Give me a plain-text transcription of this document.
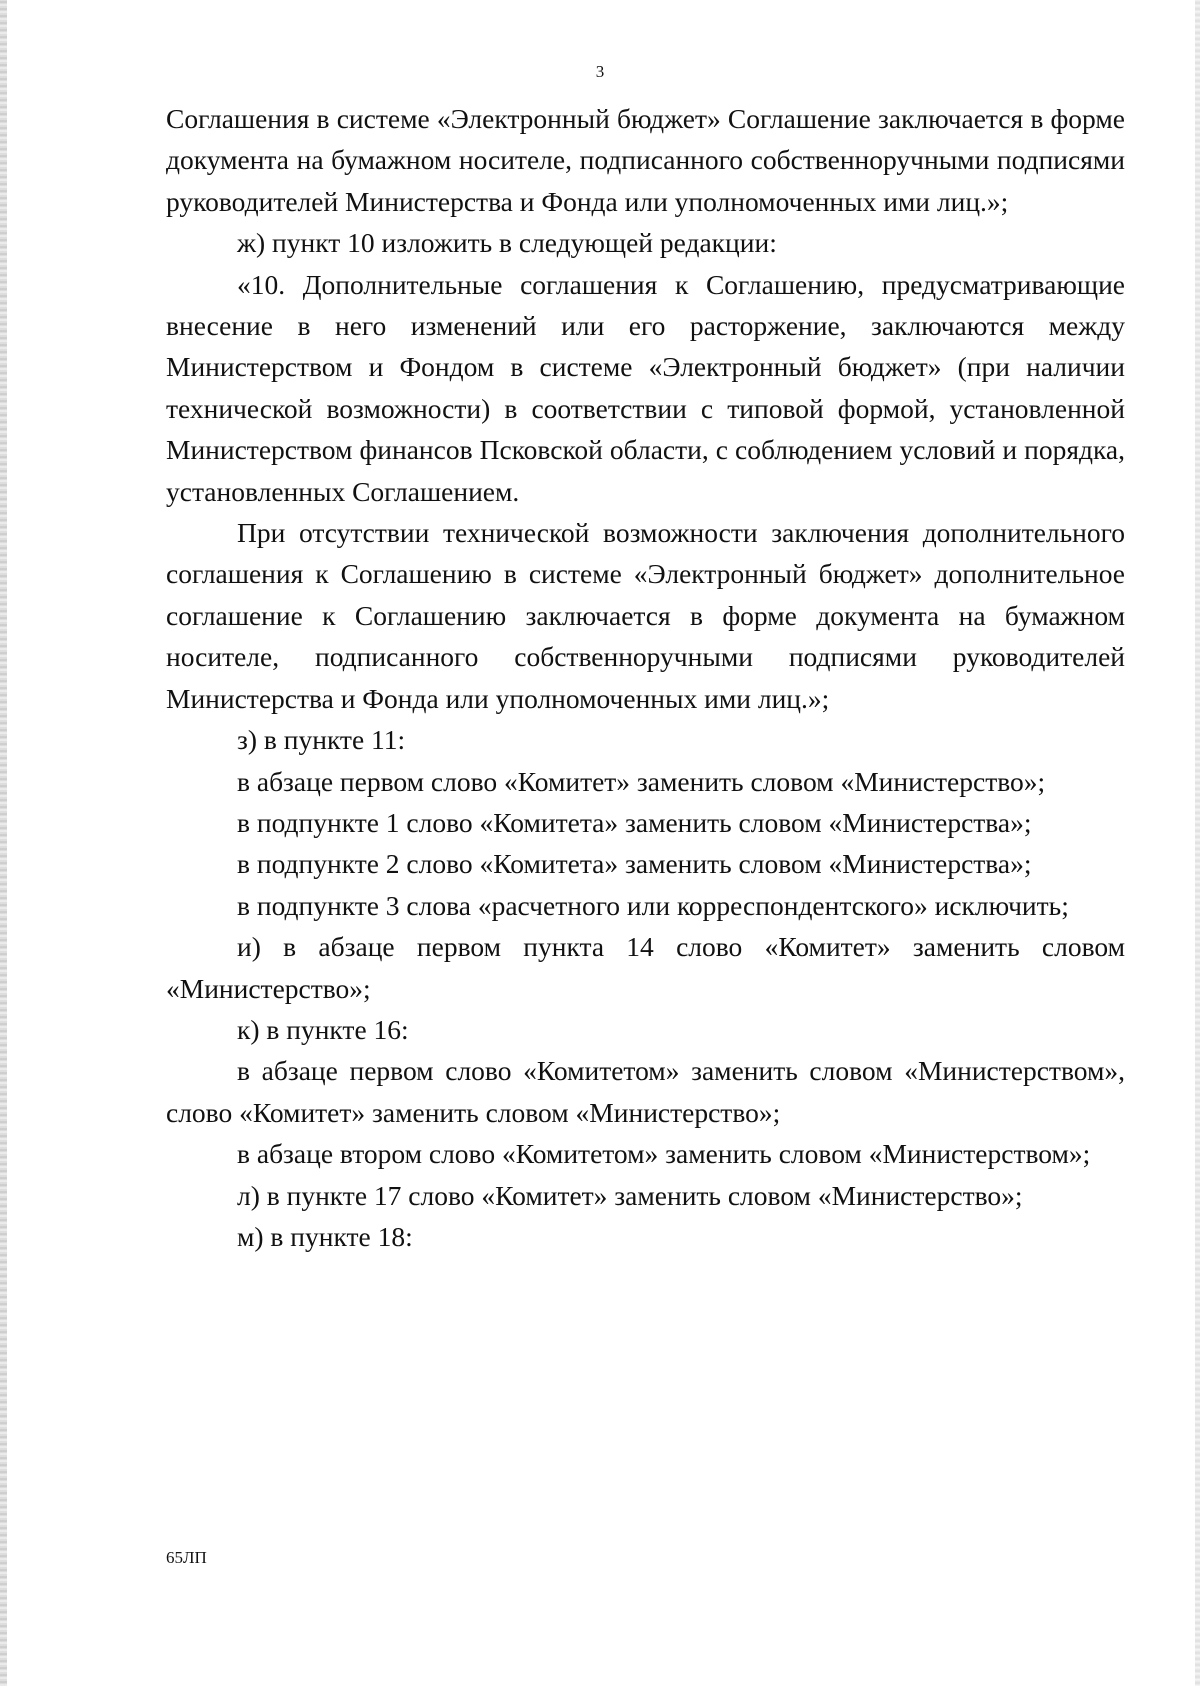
3

Соглашения в системе «Электронный бюджет» Соглашение заключается в форме документа на бумажном носителе, подписанного собственноручными подписями руководителей Министерства и Фонда или уполномоченных ими лиц.»;

ж) пункт 10 изложить в следующей редакции:

«10. Дополнительные соглашения к Соглашению, предусматривающие внесение в него изменений или его расторжение, заключаются между Министерством и Фондом в системе «Электронный бюджет» (при наличии технической возможности) в соответствии с типовой формой, установленной Министерством финансов Псковской области, с соблюдением условий и порядка, установленных Соглашением.

При отсутствии технической возможности заключения дополнительного соглашения к Соглашению в системе «Электронный бюджет» дополнительное соглашение к Соглашению заключается в форме документа на бумажном носителе, подписанного собственноручными подписями руководителей Министерства и Фонда или уполномоченных ими лиц.»;

з) в пункте 11:

в абзаце первом слово «Комитет» заменить словом «Министерство»;

в подпункте 1 слово «Комитета» заменить словом «Министерства»;

в подпункте 2 слово «Комитета» заменить словом «Министерства»;

в подпункте 3 слова «расчетного или корреспондентского» исключить;

и) в абзаце первом пункта 14 слово «Комитет» заменить словом «Министерство»;

к) в пункте 16:

в абзаце первом слово «Комитетом» заменить словом «Министерством», слово «Комитет» заменить словом «Министерство»;

в абзаце втором слово «Комитетом» заменить словом «Министерством»;

л) в пункте 17 слово «Комитет» заменить словом «Министерство»;

м) в пункте 18:

65ЛП
